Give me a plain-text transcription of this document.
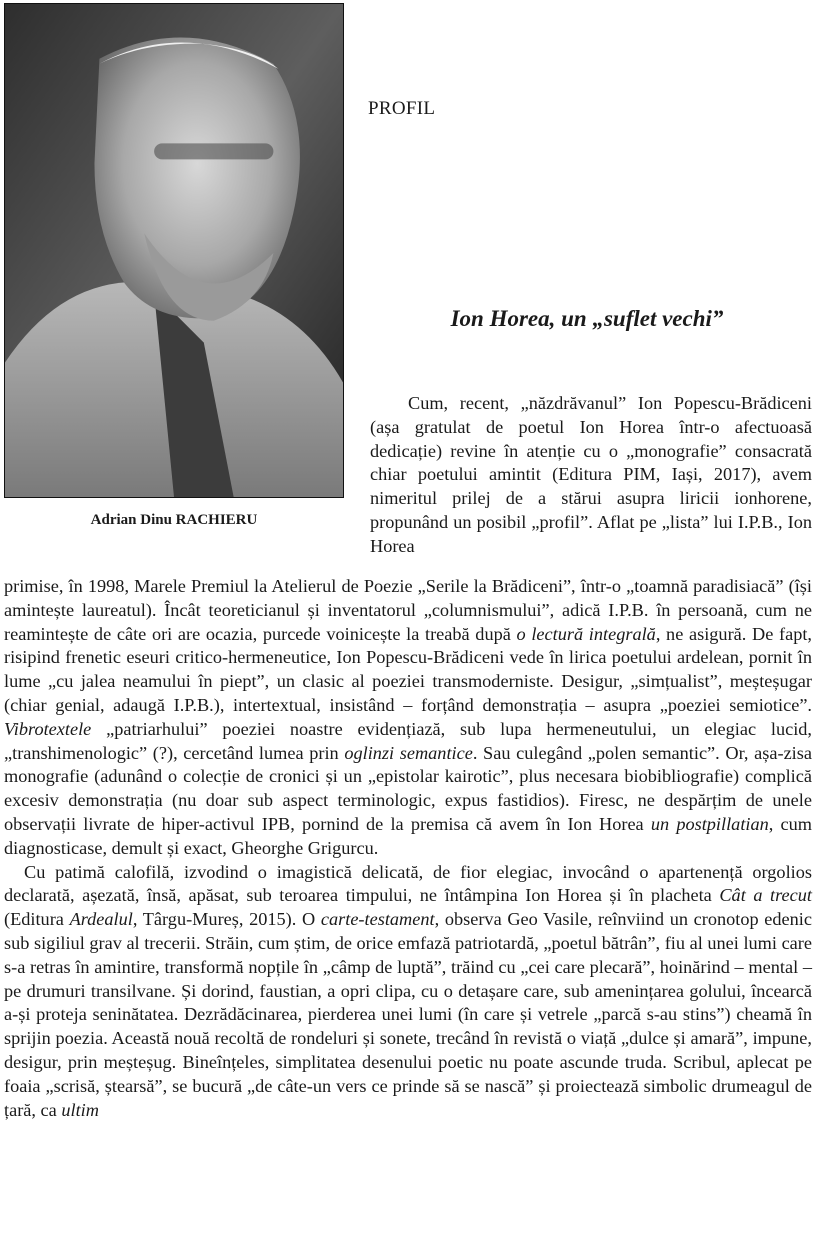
Adrian Dinu RACHIERU
PROFIL
Ion Horea, un „suflet vechi”

Cum, recent, „năzdrăvanul” Ion Popescu-Brădiceni (așa gratulat de poetul Ion Horea într-o afectuoasă dedicație) revine în atenție cu o „monografie” consacrată chiar poetului amintit (Editura PIM, Iași, 2017), avem nimeritul prilej de a stărui asupra liricii ionhorene, propunând un posibil „profil”. Aflat pe „lista” lui I.P.B., Ion Horea

primise, în 1998, Marele Premiul la Atelierul de Poezie „Serile la Brădiceni”, într-o „toamnă paradisiacă” (își amintește laureatul). Încât teoreticianul și inventatorul „columnismului”, adică I.P.B. în persoană, cum ne reamintește de câte ori are ocazia, purcede voinicește la treabă după o lectură integrală, ne asigură. De fapt, risipind frenetic eseuri critico-hermeneutice, Ion Popescu-Brădiceni vede în lirica poetului ardelean, pornit în lume „cu jalea neamului în piept”, un clasic al poeziei transmoderniste. Desigur, „simțualist”, meșteșugar (chiar genial, adaugă I.P.B.), intertextual, insistând – forțând demonstrația – asupra „poeziei semiotice”. Vibrotextele „patriarhului” poeziei noastre evidențiază, sub lupa hermeneutului, un elegiac lucid, „transhimenologic” (?), cercetând lumea prin oglinzi semantice. Sau culegând „polen semantic”. Or, așa-zisa monografie (adunând o colecție de cronici și un „epistolar kairotic”, plus necesara biobibliografie) complică excesiv demonstrația (nu doar sub aspect terminologic, expus fastidios). Firesc, ne despărțim de unele observații livrate de hiper-activul IPB, pornind de la premisa că avem în Ion Horea un postpillatian, cum diagnosticase, demult și exact, Gheorghe Grigurcu.

Cu patimă calofilă, izvodind o imagistică delicată, de fior elegiac, invocând o apartenență orgolios declarată, așezată, însă, apăsat, sub teroarea timpului, ne întâmpina Ion Horea și în placheta Cât a trecut (Editura Ardealul, Târgu-Mureș, 2015). O carte-testament, observa Geo Vasile, reînviind un cronotop edenic sub sigiliul grav al trecerii. Străin, cum știm, de orice emfază patriotardă, „poetul bătrân”, fiu al unei lumi care s-a retras în amintire, transformă nopțile în „câmp de luptă”, trăind cu „cei care plecară”, hoinărind – mental – pe drumuri transilvane. Și dorind, faustian, a opri clipa, cu o detașare care, sub amenințarea golului, încearcă a-și proteja seninătatea. Dezrădăcinarea, pierderea unei lumi (în care și vetrele „parcă s-au stins”) cheamă în sprijin poezia. Această nouă recoltă de rondeluri și sonete, trecând în revistă o viață „dulce și amară”, impune, desigur, prin meșteșug. Bineînțeles, simplitatea desenului poetic nu poate ascunde truda. Scribul, aplecat pe foaia „scrisă, ștearsă”, se bucură „de câte-un vers ce prinde să se nască” și proiectează simbolic drumeagul de țară, ca ultim
